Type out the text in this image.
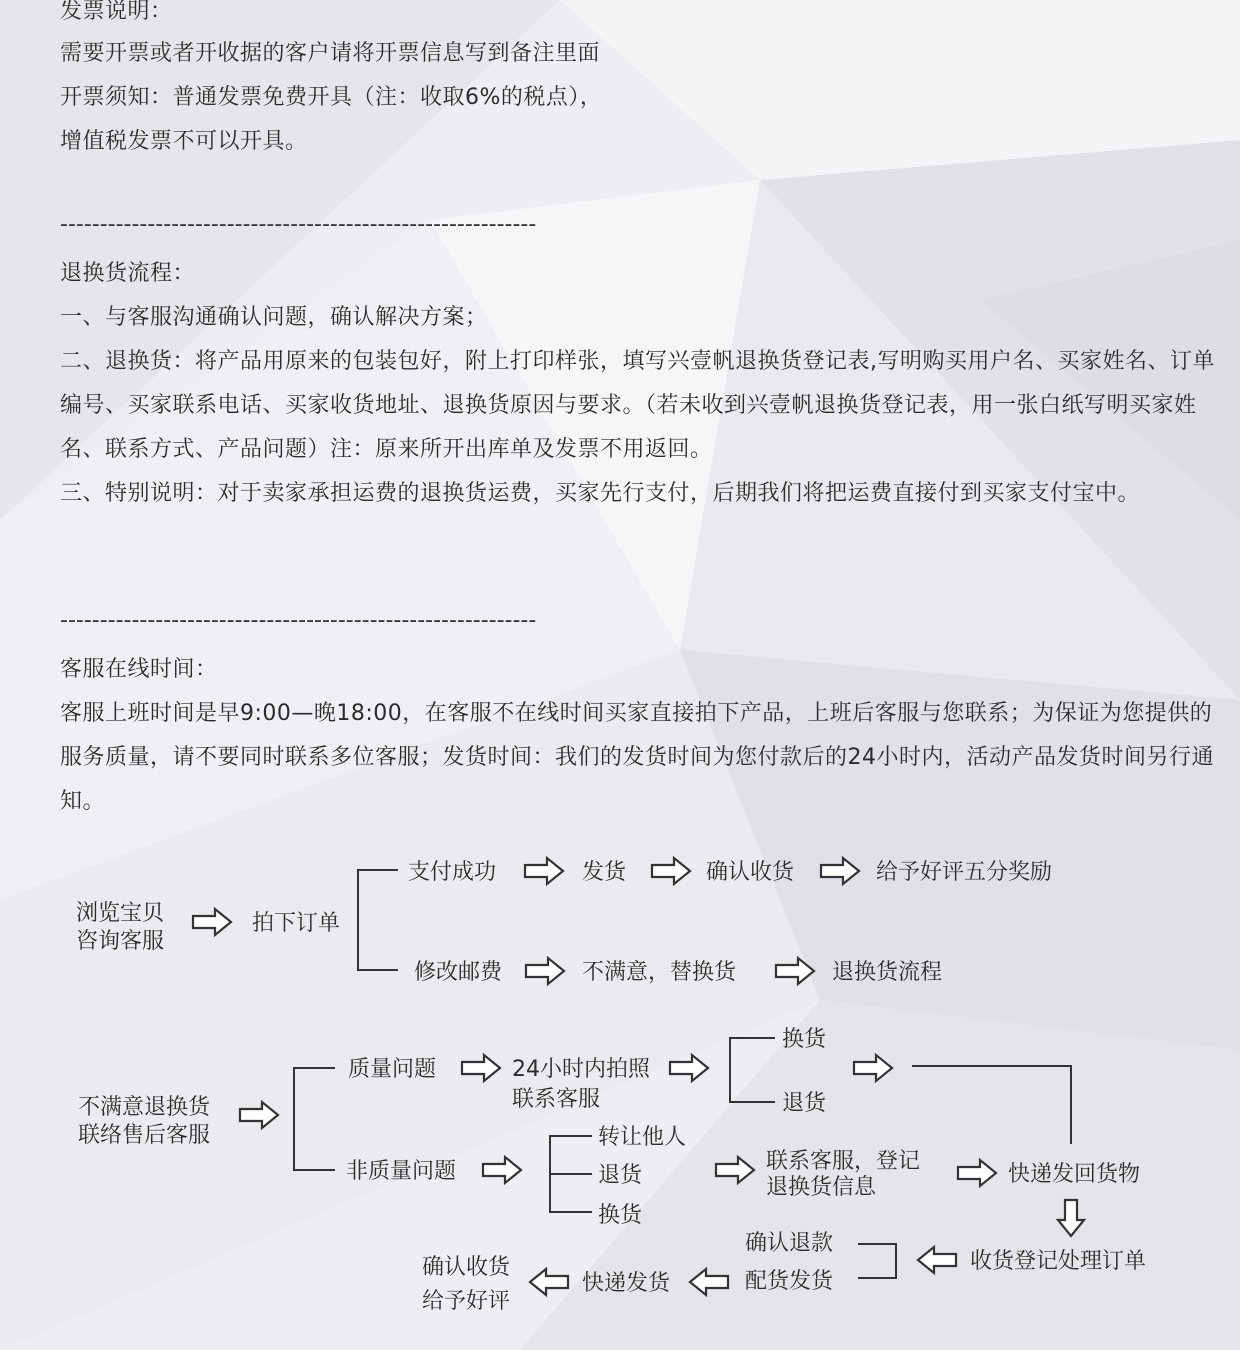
发票说明：
需要开票或者开收据的客户请将开票信息写到备注里面
开票须知：普通发票免费开具（注：收取6%的税点），
增值税发票不可以开具。
------------------------------------------------------------
退换货流程：
一、与客服沟通确认问题，确认解决方案；

二、退换货：将产品用原来的包装包好，附上打印样张，填写兴壹帆退换货登记表,写明购买用户名、买家姓名、订单编号、买家联系电话、买家收货地址、退换货原因与要求。（若未收到兴壹帆退换货登记表，用一张白纸写明买家姓名、联系方式、产品问题）注：原来所开出库单及发票不用返回。

三、特别说明：对于卖家承担运费的退换货运费，买家先行支付，后期我们将把运费直接付到买家支付宝中。

------------------------------------------------------------
客服在线时间：

客服上班时间是早9:00—晚18:00，在客服不在线时间买家直接拍下产品，上班后客服与您联系；为保证为您提供的服务质量，请不要同时联系多位客服；发货时间：我们的发货时间为您付款后的24小时内，活动产品发货时间另行通知。

浏览宝贝
咨询客服
拍下订单
支付成功	发货	确认收货	给予好评五分奖励
修改邮费	不满意，替换货	退换货流程
不满意退换货
联络售后客服
质量问题	24小时内拍照
联系客服
换货
退货
非质量问题
转让他人
退货
换货
联系客服，登记
退换货信息
快递发回货物
收货登记处理订单
确认退款
配货发货
快递发货
确认收货
给予好评
